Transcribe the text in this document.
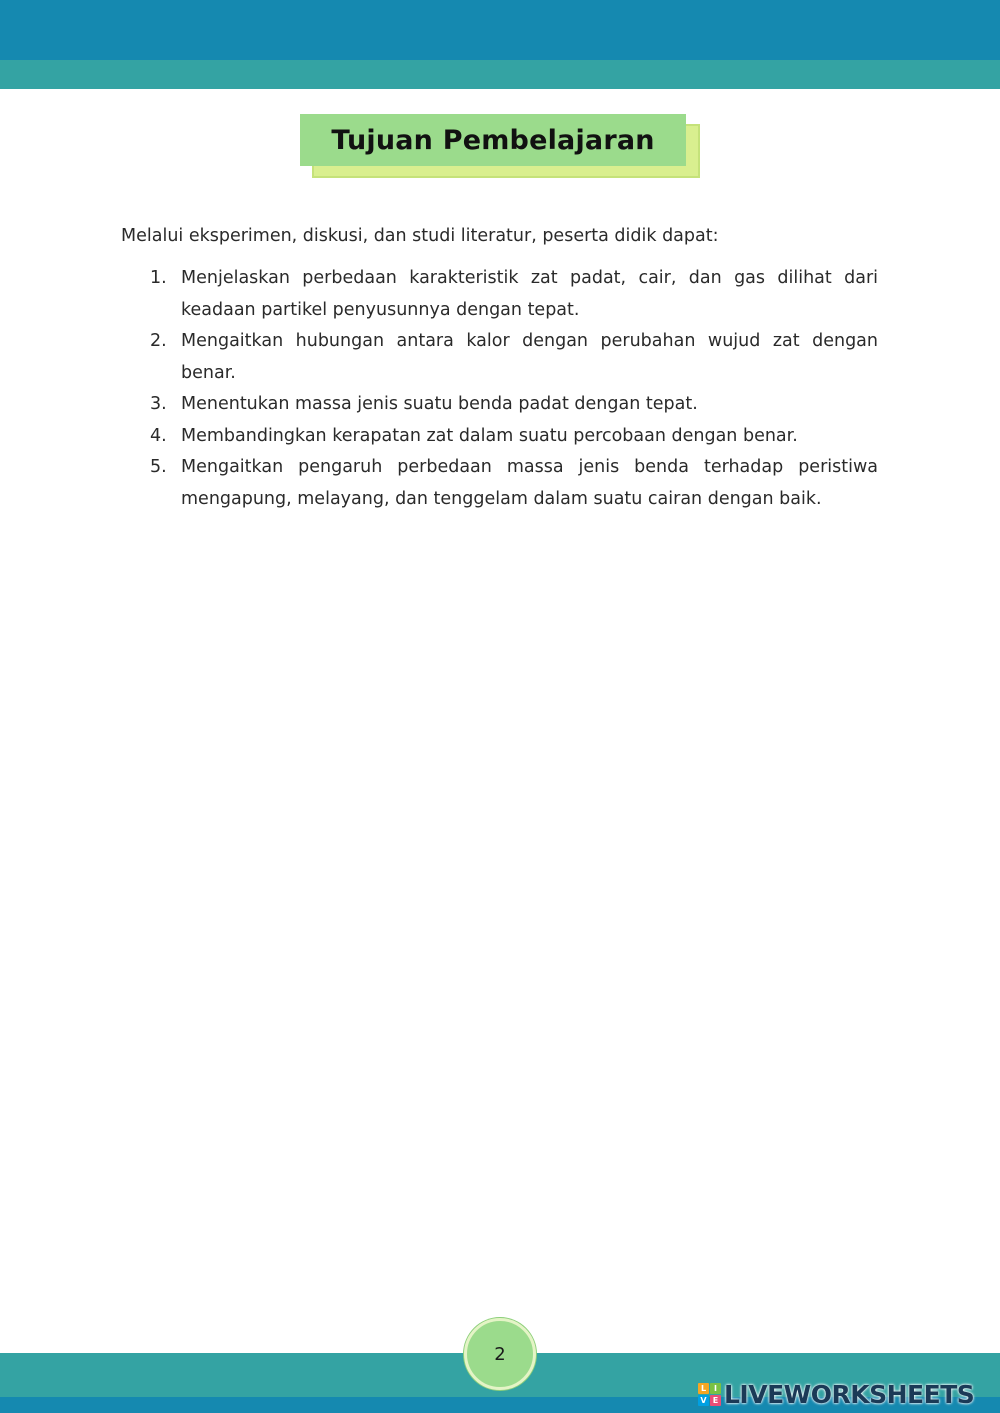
Tujuan Pembelajaran
Melalui eksperimen, diskusi, dan studi literatur, peserta didik dapat:
1. Menjelaskan perbedaan karakteristik zat padat, cair, dan gas dilihat dari keadaan partikel penyusunnya dengan tepat.
2. Mengaitkan hubungan antara kalor dengan perubahan wujud zat dengan benar.
3. Menentukan massa jenis suatu benda padat dengan tepat.
4. Membandingkan kerapatan zat dalam suatu percobaan dengan benar.
5. Mengaitkan pengaruh perbedaan massa jenis benda terhadap peristiwa mengapung, melayang, dan tenggelam dalam suatu cairan dengan baik.
2
L I
V E LIVEWORKSHEETS
